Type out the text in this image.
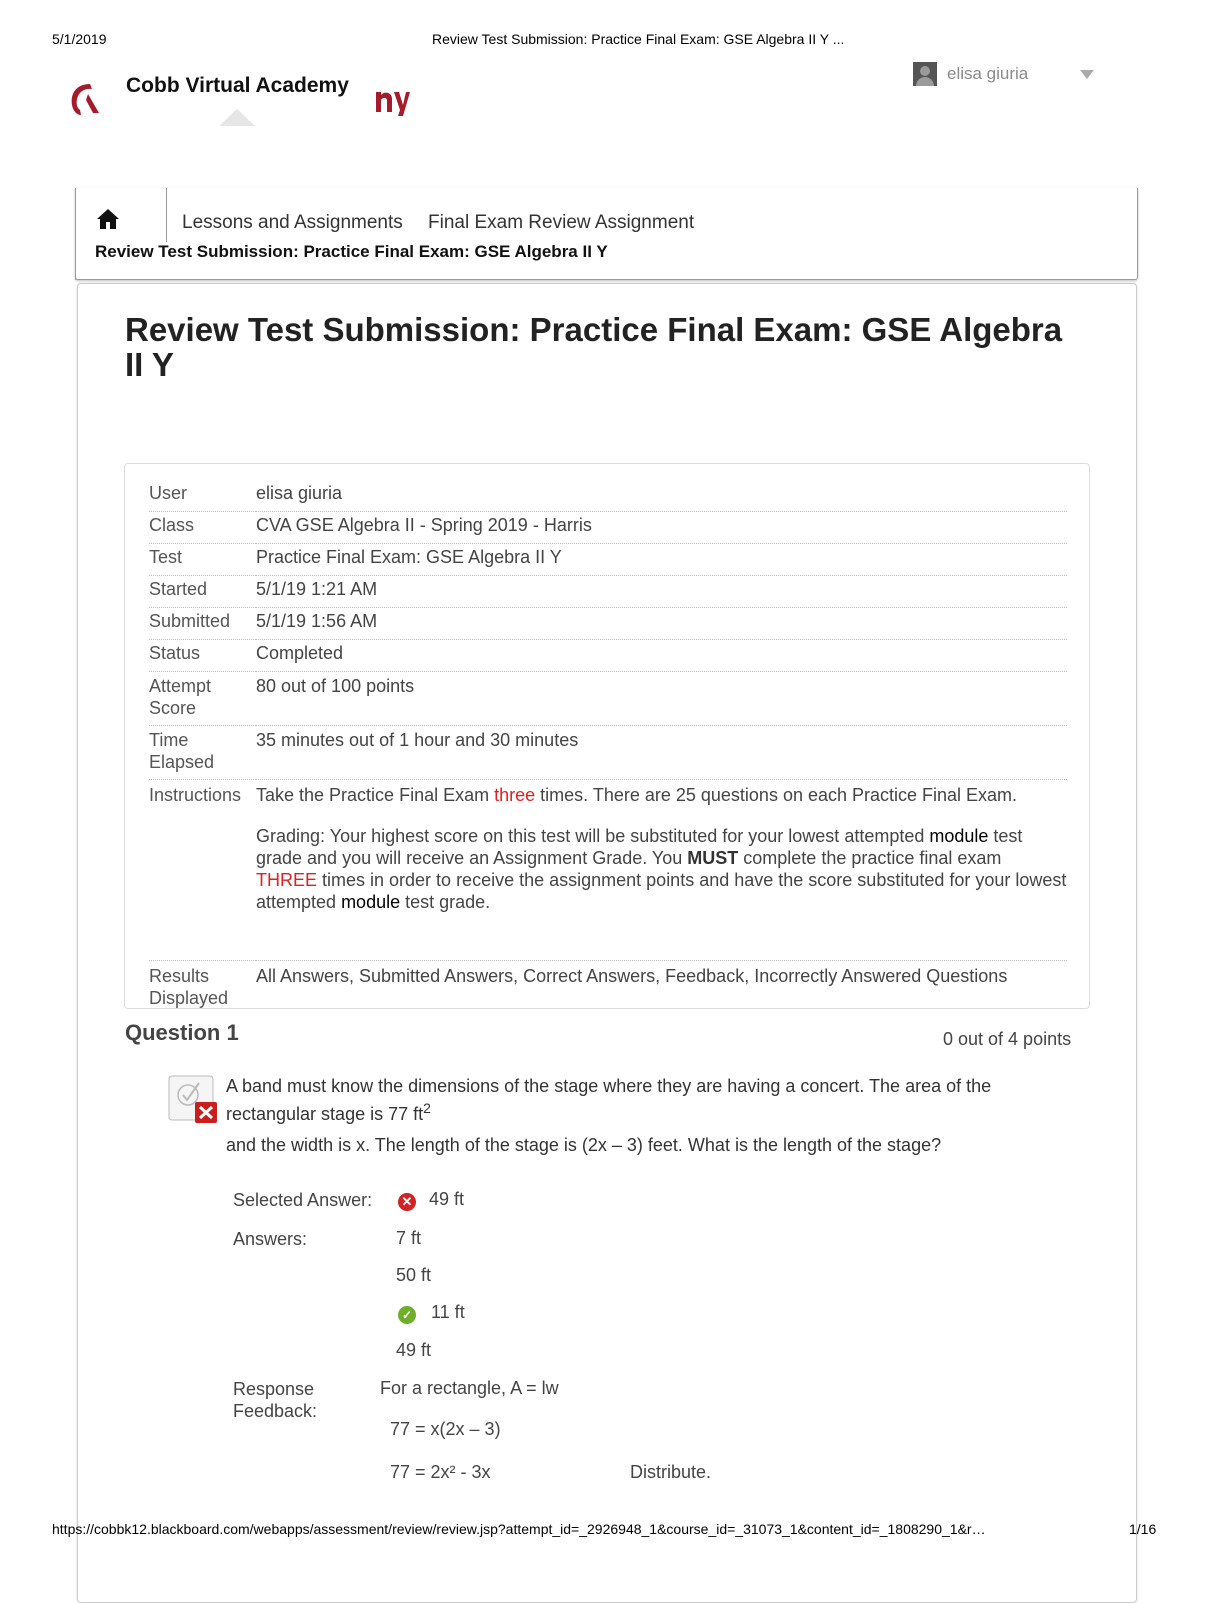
5/1/2019	Review Test Submission: Practice Final Exam: GSE Algebra II Y ...
Cobb Virtual Academy
elisa giuria
Lessons and Assignments Final Exam Review Assignment
Review Test Submission: Practice Final Exam: GSE Algebra II Y
Review Test Submission: Practice Final Exam: GSE Algebra II Y
User	elisa giuria
Class	CVA GSE Algebra II - Spring 2019 - Harris
Test	Practice Final Exam: GSE Algebra II Y
Started	5/1/19 1:21 AM
Submitted	5/1/19 1:56 AM
Status	Completed
Attempt Score	80 out of 100 points
Time Elapsed	35 minutes out of 1 hour and 30 minutes
Instructions	Take the Practice Final Exam three times. There are 25 questions on each Practice Final Exam.
Grading: Your highest score on this test will be substituted for your lowest attempted module test grade and you will receive an Assignment Grade. You MUST complete the practice final exam THREE times in order to receive the assignment points and have the score substituted for your lowest attempted module test grade.

Results Displayed	All Answers, Submitted Answers, Correct Answers, Feedback, Incorrectly Answered Questions
Question 1	0 out of 4 points
A band must know the dimensions of the stage where they are having a concert. The area of the rectangular stage is 77 $ft^2$
and the width is x. The length of the stage is (2x – 3) feet. What is the length of the stage?
Selected Answer: ✕ 49 ft
Answers:	7 ft
50 ft
✓ 11 ft
49 ft
Response Feedback:
For a rectangle, A = lw
77 = x(2x – 3)
77 = 2x² - 3x	Distribute.
https://cobbk12.blackboard.com/webapps/assessment/review/review.jsp?attempt_id=_2926948_1&course_id=_31073_1&content_id=_1808290_1&r…	1/16
